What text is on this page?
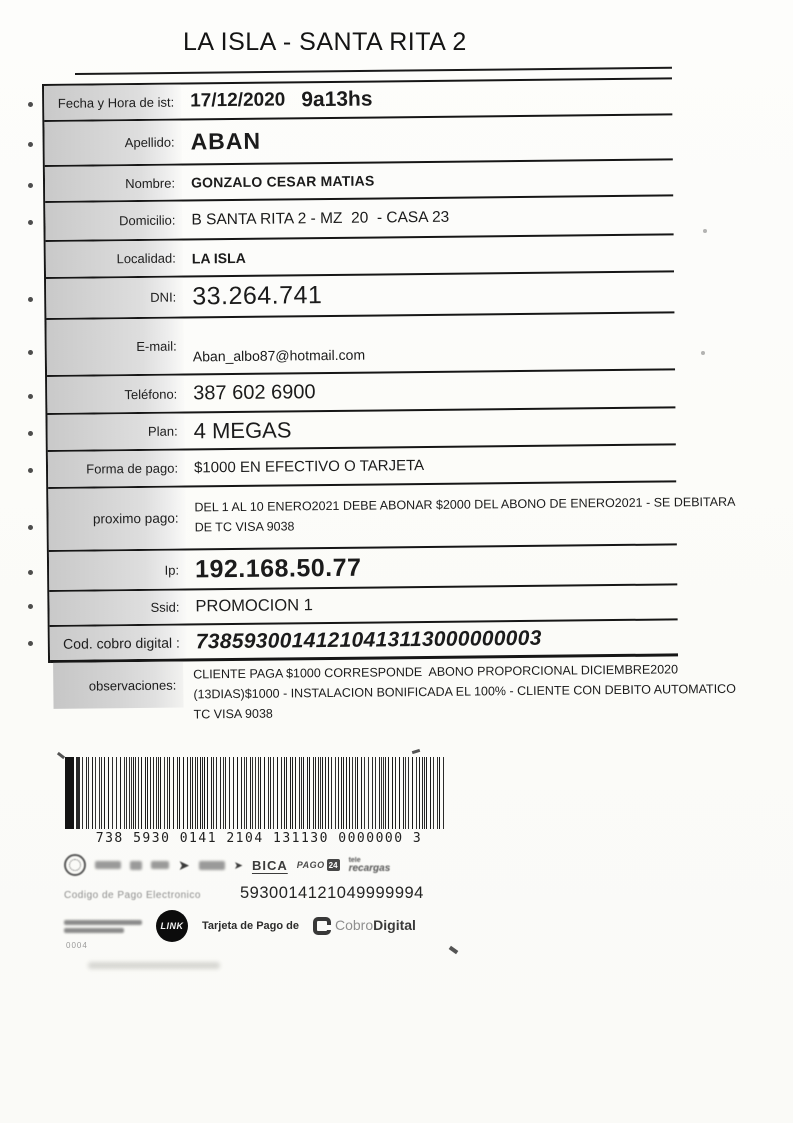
LA ISLA - SANTA RITA 2
Fecha y Hora de ist: 17/12/2020 9a13hs
Apellido: ABAN
Nombre:	GONZALO CESAR MATIAS
Domicilio:	B SANTA RITA 2 - MZ  20  - CASA 23
Localidad:	LA ISLA
DNI: 33.264.741
E-mail:
Aban_albo87@hotmail.com
Teléfono: 387 602 6900
Plan: 4 MEGAS
Forma de pago:	$1000 EN EFECTIVO O TARJETA
proximo pago:
DEL 1 AL 10 ENERO2021 DEBE ABONAR $2000 DEL ABONO DE ENERO2021 - SE DEBITARA
DE TC VISA 9038
Ip: 192.168.50.77
Ssid: PROMOCION 1
Cod. cobro digital : 73859300141210413113000000003
observaciones:
CLIENTE PAGA $1000 CORRESPONDE  ABONO PROPORCIONAL DICIEMBRE2020
(13DIAS)$1000 - INSTALACION BONIFICADA EL 100% - CLIENTE CON DEBITO AUTOMATICO
TC VISA 9038
738 5930 0141 2104 131130 0000000 3
➤	➤ BICA PAGO 24
tele
recargas
Codigo de Pago Electronico 5930014121049999994
LINK	Tarjeta de Pago de	CobroDigital
0004
